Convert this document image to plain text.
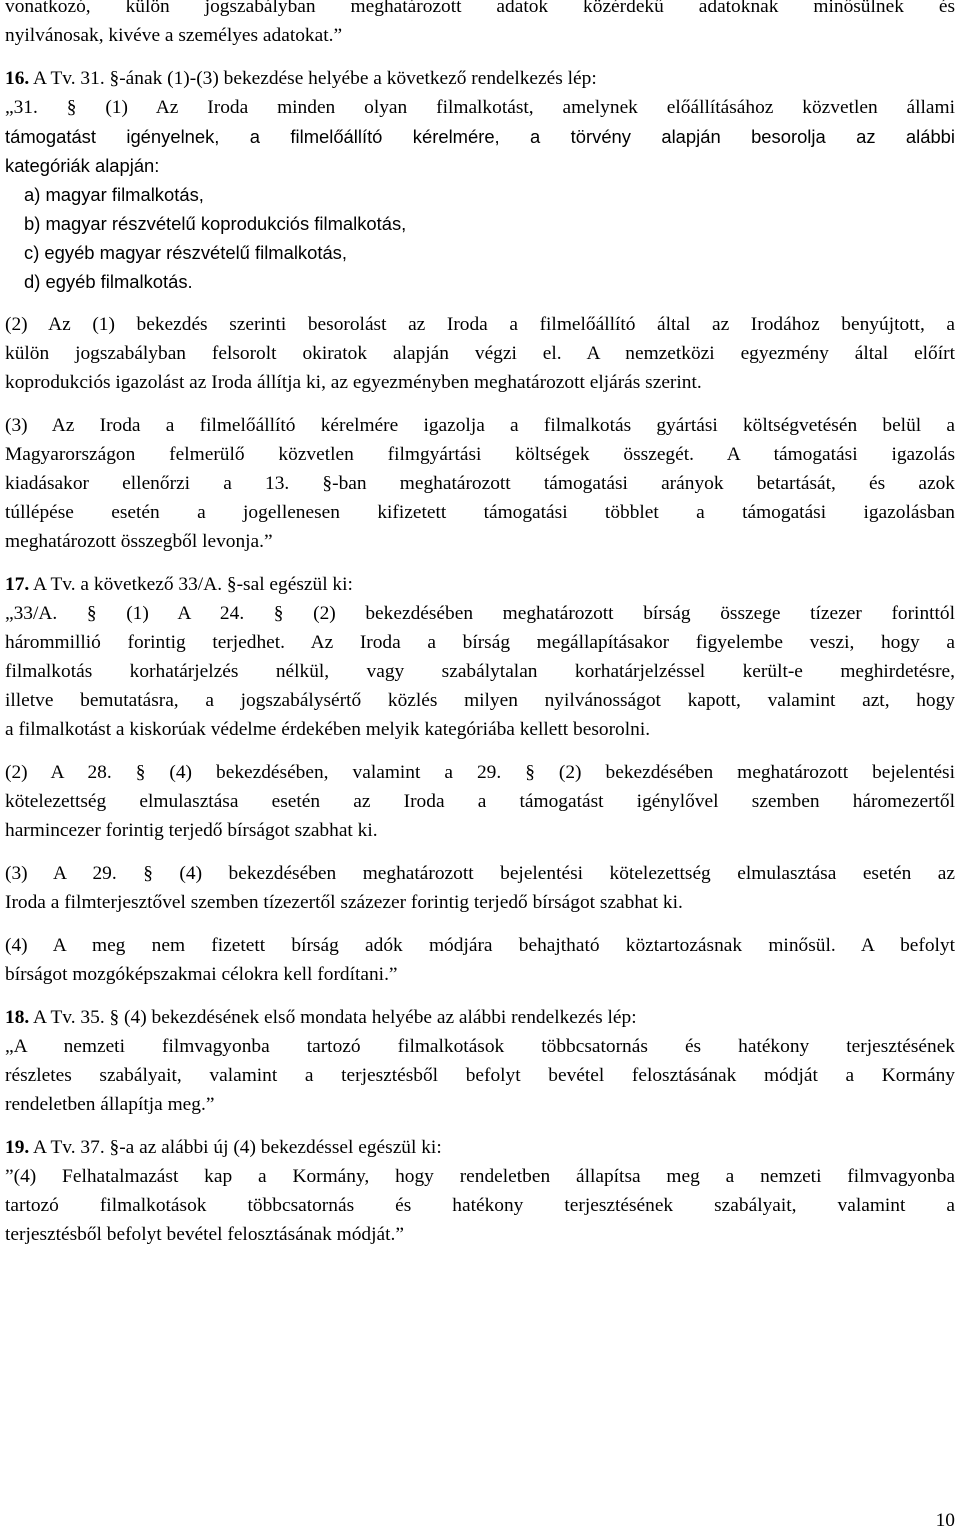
vonatkozó, külön jogszabályban meghatározott adatok közérdekű adatoknak minősülnek és
nyilvánosak, kivéve a személyes adatokat.”
16. A Tv. 31. §-ának (1)-(3) bekezdése helyébe a következő rendelkezés lép:
„31. § (1) Az Iroda minden olyan filmalkotást, amelynek előállításához közvetlen állami
támogatást igényelnek, a filmelőállító kérelmére, a törvény alapján besorolja az alábbi
kategóriák alapján:
a) magyar filmalkotás,
b) magyar részvételű koprodukciós filmalkotás,
c) egyéb magyar részvételű filmalkotás,
d) egyéb filmalkotás.
(2) Az (1) bekezdés szerinti besorolást az Iroda a filmelőállító által az Irodához benyújtott, a
külön jogszabályban felsorolt okiratok alapján végzi el. A nemzetközi egyezmény által előírt
koprodukciós igazolást az Iroda állítja ki, az egyezményben meghatározott eljárás szerint.
(3) Az Iroda a filmelőállító kérelmére igazolja a filmalkotás gyártási költségvetésén belül a
Magyarországon felmerülő közvetlen filmgyártási költségek összegét. A támogatási igazolás
kiadásakor ellenőrzi a 13. §-ban meghatározott támogatási arányok betartását, és azok
túllépése esetén a jogellenesen kifizetett támogatási többlet a támogatási igazolásban
meghatározott összegből levonja.”
17. A Tv. a következő 33/A. §-sal egészül ki:
„33/A. § (1) A 24. § (2) bekezdésében meghatározott bírság összege tízezer forinttól
hárommillió forintig terjedhet. Az Iroda a bírság megállapításakor figyelembe veszi, hogy a
filmalkotás korhatárjelzés nélkül, vagy szabálytalan korhatárjelzéssel került-e meghirdetésre,
illetve bemutatásra, a jogszabálysértő közlés milyen nyilvánosságot kapott, valamint azt, hogy
a filmalkotást a kiskorúak védelme érdekében melyik kategóriába kellett besorolni.
(2) A 28. § (4) bekezdésében, valamint a 29. § (2) bekezdésében meghatározott bejelentési
kötelezettség elmulasztása esetén az Iroda a támogatást igénylővel szemben háromezertől
harmincezer forintig terjedő bírságot szabhat ki.
(3) A 29. § (4) bekezdésében meghatározott bejelentési kötelezettség elmulasztása esetén az
Iroda a filmterjesztővel szemben tízezertől százezer forintig terjedő bírságot szabhat ki.
(4) A meg nem fizetett bírság adók módjára behajtható köztartozásnak minősül. A befolyt
bírságot mozgóképszakmai célokra kell fordítani.”
18. A Tv. 35. § (4) bekezdésének első mondata helyébe az alábbi rendelkezés lép:
„A nemzeti filmvagyonba tartozó filmalkotások többcsatornás és hatékony terjesztésének
részletes szabályait, valamint a terjesztésből befolyt bevétel felosztásának módját a Kormány
rendeletben állapítja meg.”
19. A Tv. 37. §-a az alábbi új (4) bekezdéssel egészül ki:
”(4) Felhatalmazást kap a Kormány, hogy rendeletben állapítsa meg a nemzeti filmvagyonba
tartozó filmalkotások többcsatornás és hatékony terjesztésének szabályait, valamint a
terjesztésből befolyt bevétel felosztásának módját.”
10
